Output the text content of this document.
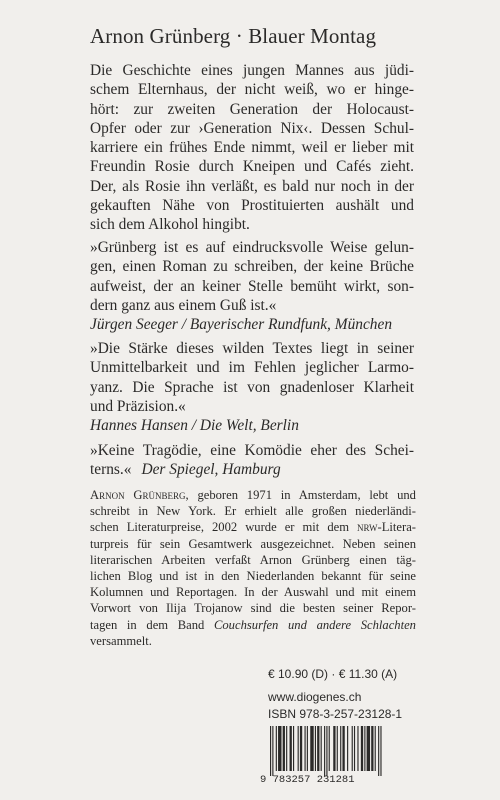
Arnon Grünberg · Blauer Montag
Die Geschichte eines jungen Mannes aus jüdi-
schem Elternhaus, der nicht weiß, wo er hinge-
hört: zur zweiten Generation der Holocaust-
Opfer oder zur ›Generation Nix‹. Dessen Schul-
karriere ein frühes Ende nimmt, weil er lieber mit
Freundin Rosie durch Kneipen und Cafés zieht.
Der, als Rosie ihn verläßt, es bald nur noch in der
gekauften Nähe von Prostituierten aushält und
sich dem Alkohol hingibt.
»Grünberg ist es auf eindrucksvolle Weise gelun-
gen, einen Roman zu schreiben, der keine Brüche
aufweist, der an keiner Stelle bemüht wirkt, son-
dern ganz aus einem Guß ist.«
Jürgen Seeger / Bayerischer Rundfunk, München
»Die Stärke dieses wilden Textes liegt in seiner
Unmittelbarkeit und im Fehlen jeglicher Larmo-
yanz. Die Sprache ist von gnadenloser Klarheit
und Präzision.«
Hannes Hansen / Die Welt, Berlin
»Keine Tragödie, eine Komödie eher des Schei-
terns.« Der Spiegel, Hamburg
Arnon Grünberg, geboren 1971 in Amsterdam, lebt und
schreibt in New York. Er erhielt alle großen niederländi-
schen Literaturpreise, 2002 wurde er mit dem nrw-Litera-
turpreis für sein Gesamtwerk ausgezeichnet. Neben seinen
literarischen Arbeiten verfaßt Arnon Grünberg einen täg-
lichen Blog und ist in den Niederlanden bekannt für seine
Kolumnen und Reportagen. In der Auswahl und mit einem
Vorwort von Ilija Trojanow sind die besten seiner Repor-
tagen in dem Band Couchsurfen und andere Schlachten
versammelt.
€ 10.90 (D) · € 11.30 (A)
www.diogenes.ch
ISBN 978-3-257-23128-1
9 783257 231281
